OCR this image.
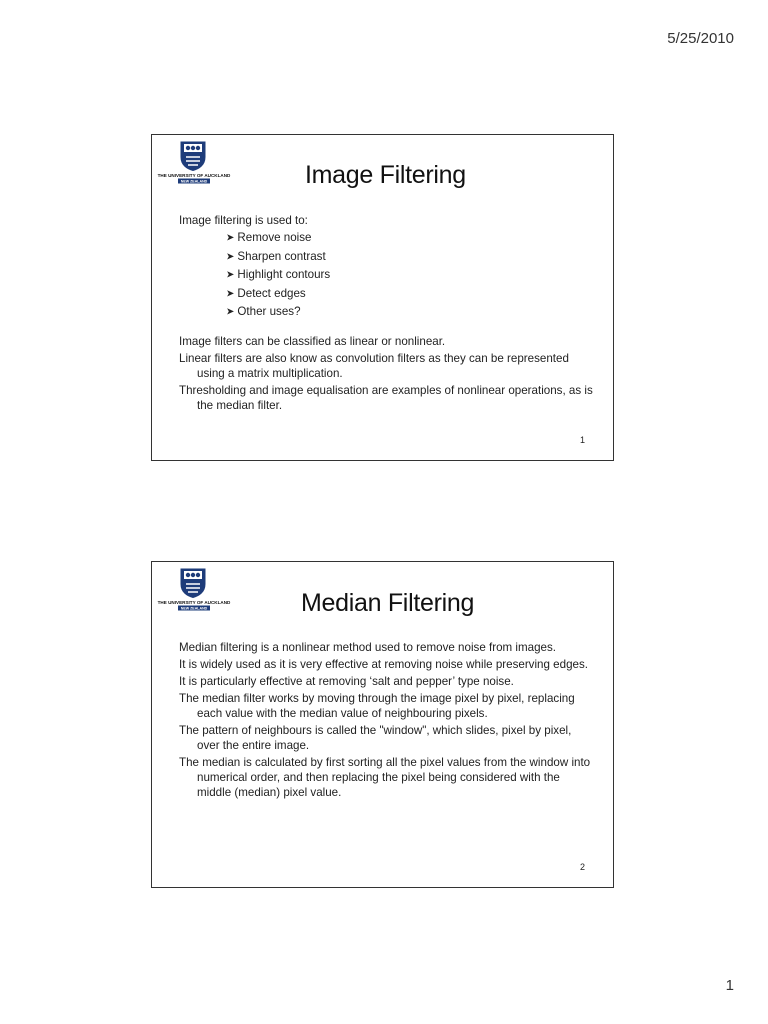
5/25/2010
THE UNIVERSITY OF AUCKLAND
NEW ZEALAND	Image Filtering

Image filtering is used to:

➤ Remove noise
➤ Sharpen contrast
➤ Highlight contours
➤ Detect edges
➤ Other uses?

Image filters can be classified as linear or nonlinear.

Linear filters are also know as convolution filters as they can be represented using a matrix multiplication.

Thresholding and image equalisation are examples of nonlinear operations, as is the median filter.

1
THE UNIVERSITY OF AUCKLAND
NEW ZEALAND	Median Filtering

Median filtering is a nonlinear method used to remove noise from images.

It is widely used as it is very effective at removing noise while preserving edges.

It is particularly effective at removing ‘salt and pepper’ type noise.

The median filter works by moving through the image pixel by pixel, replacing each value with the median value of neighbouring pixels.

The pattern of neighbours is called the "window", which slides, pixel by pixel, over the entire image.

The median is calculated by first sorting all the pixel values from the window into numerical order, and then replacing the pixel being considered with the middle (median) pixel value.

2
1
